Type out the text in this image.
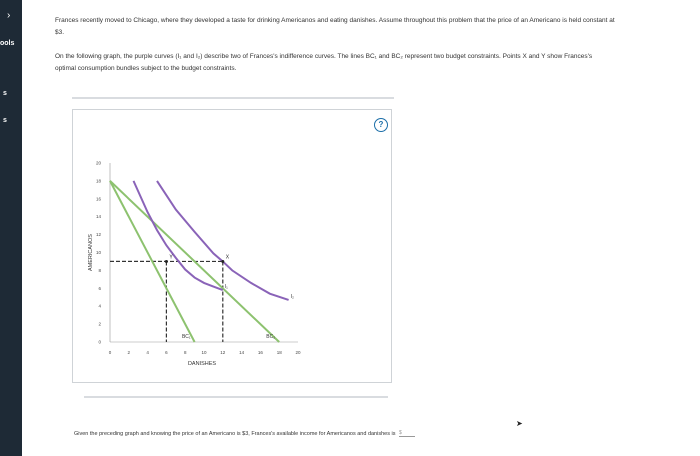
›
ools
s
s
Frances recently moved to Chicago, where they developed a taste for drinking Americanos and eating danishes. Assume throughout this problem that the price of an Americano is held constant at $3.
On the following graph, the purple curves (I₁ and I₂) describe two of Frances's indifference curves. The lines BC₁ and BC₂ represent two budget constraints. Points X and Y show Frances's optimal consumption bundles subject to the budget constraints.
?
0	2	4	6	8	10	12	14	16	18	20
0
2
4
6
8
10
12
14
16
18
20
DANISHES
AMERICANOS
BC₁	BC₂
I₁
I₂
Y	X
Given the preceding graph and knowing the price of an Americano is $3, Frances's available income for Americanos and danishes is $
➤
